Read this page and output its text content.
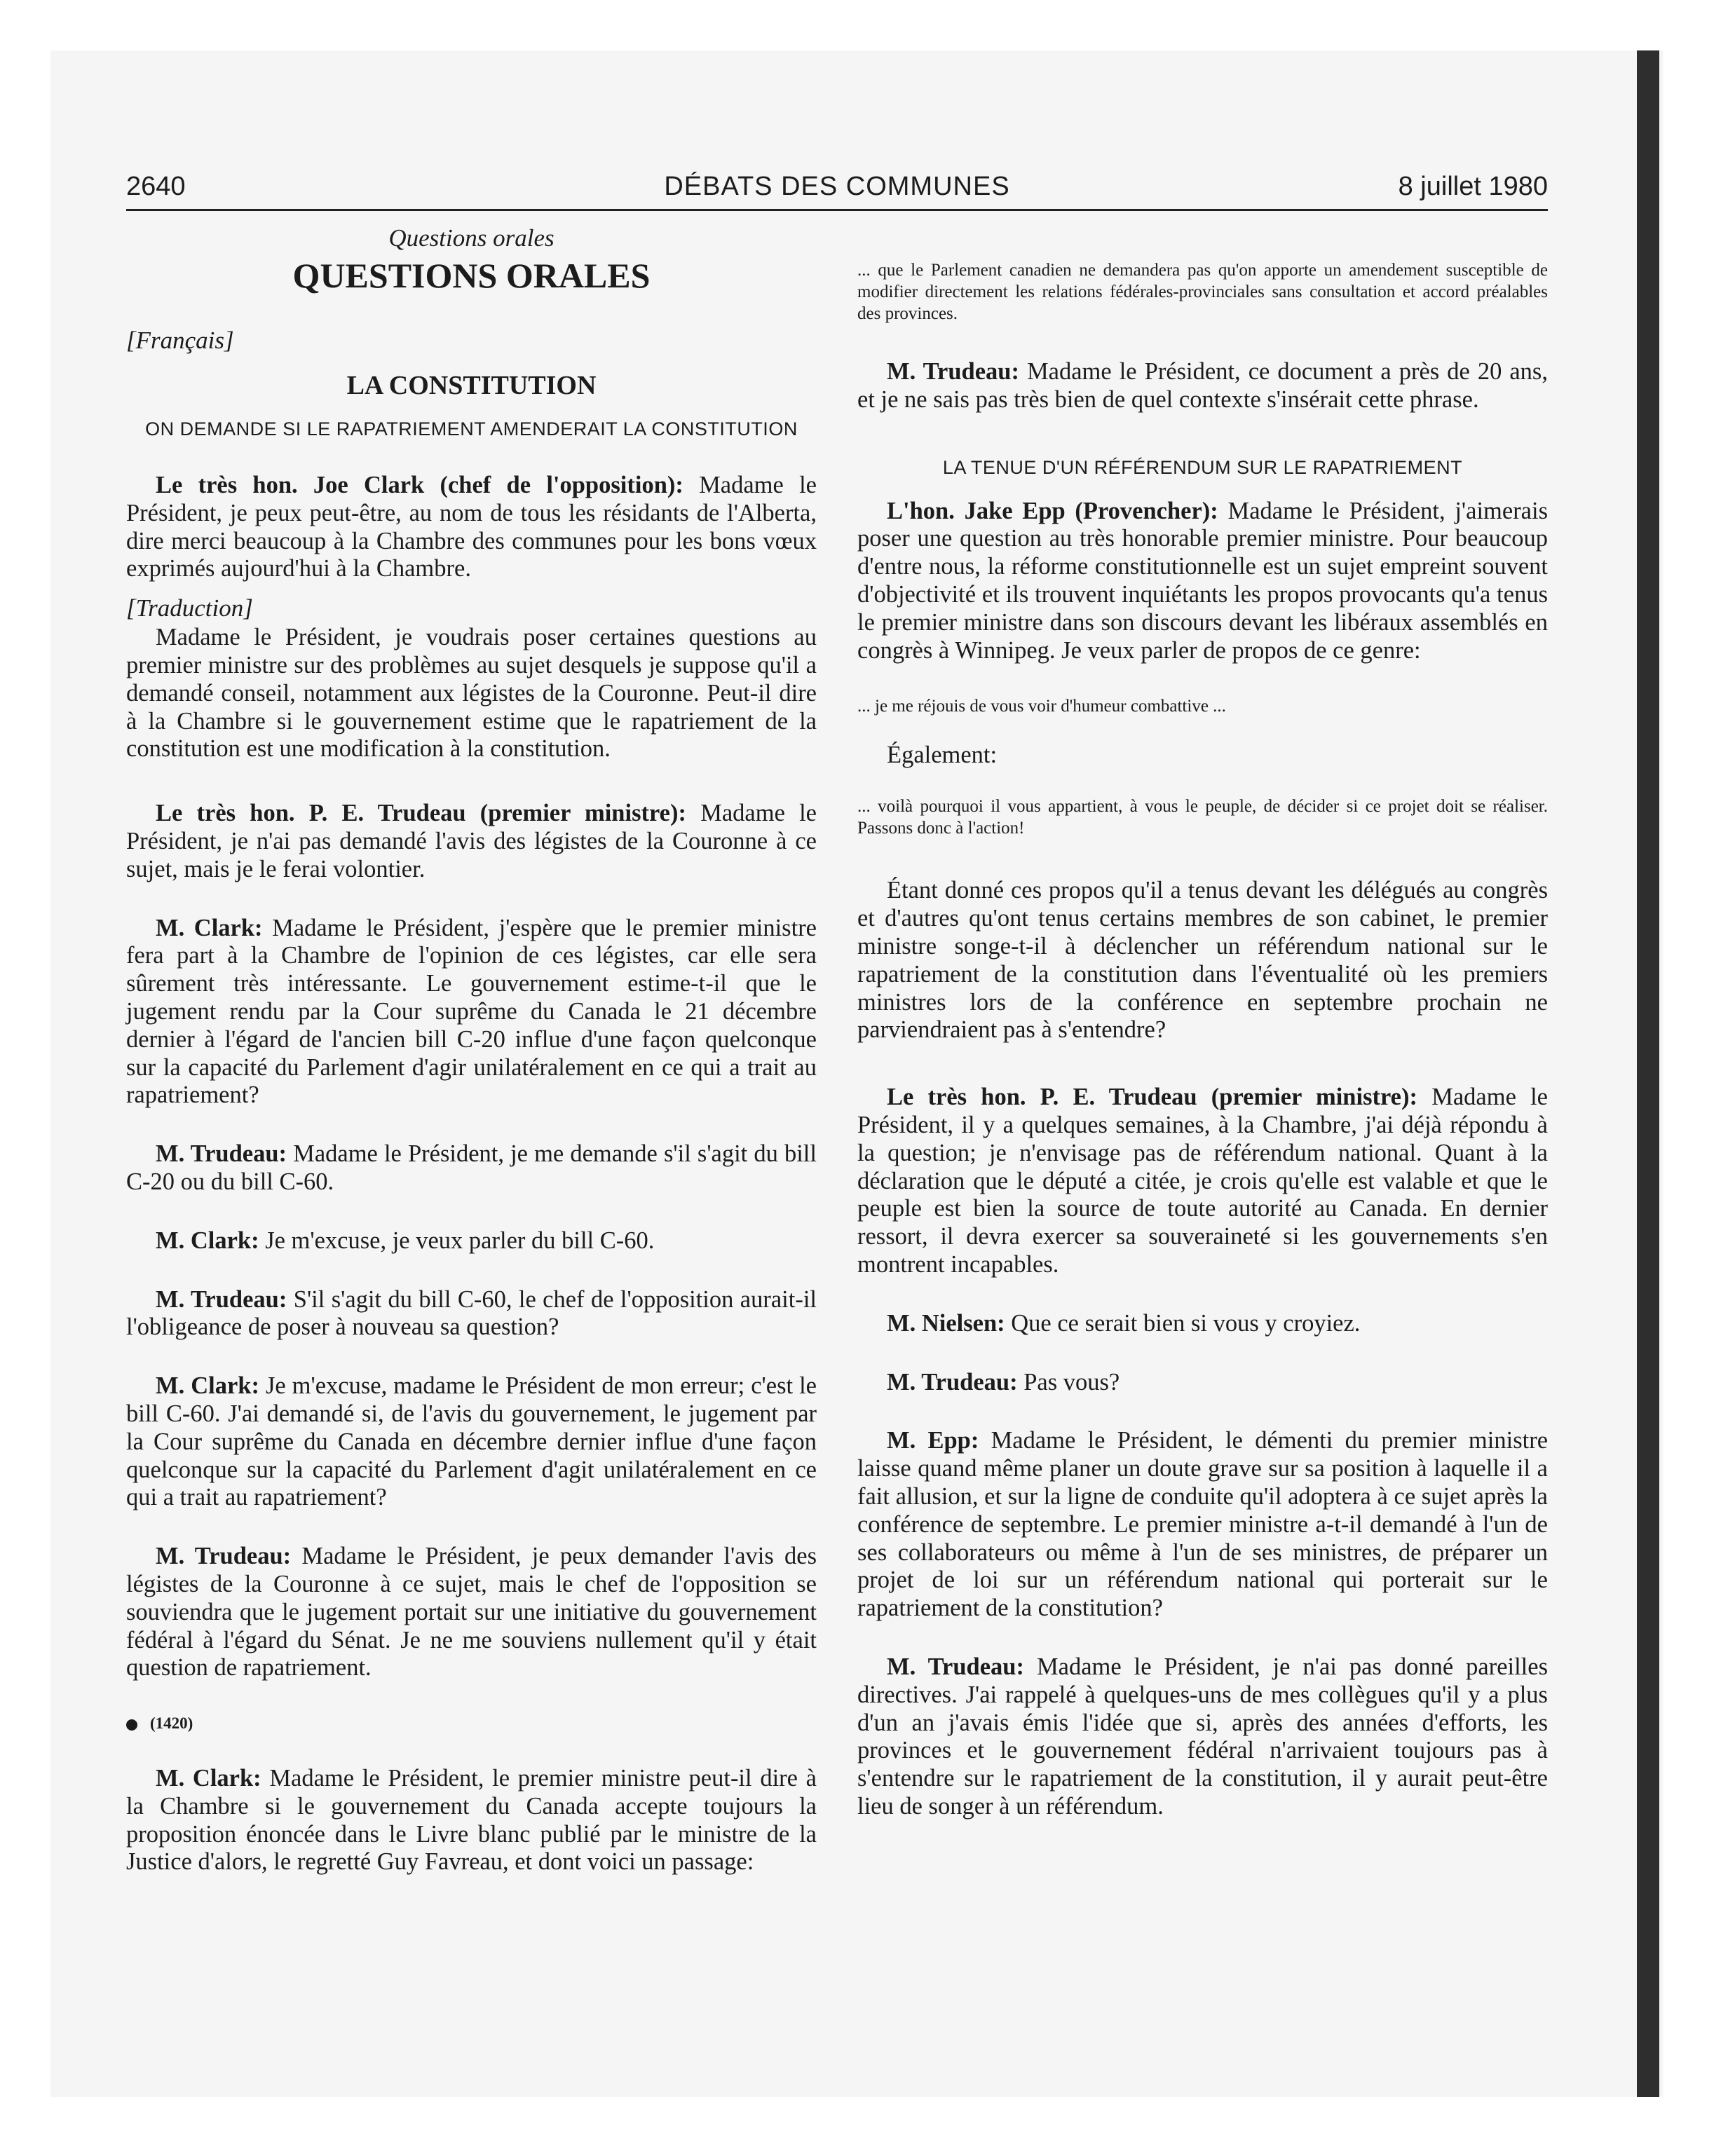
2640	DÉBATS DES COMMUNES	8 juillet 1980

Questions orales

QUESTIONS ORALES

[Français]

LA CONSTITUTION

ON DEMANDE SI LE RAPATRIEMENT AMENDERAIT LA CONSTITUTION

Le très hon. Joe Clark (chef de l'opposition): Madame le Président, je peux peut-être, au nom de tous les résidants de l'Alberta, dire merci beaucoup à la Chambre des communes pour les bons vœux exprimés aujourd'hui à la Chambre.

[Traduction]

Madame le Président, je voudrais poser certaines questions au premier ministre sur des problèmes au sujet desquels je suppose qu'il a demandé conseil, notamment aux légistes de la Couronne. Peut-il dire à la Chambre si le gouvernement estime que le rapatriement de la constitution est une modification à la constitution.

Le très hon. P. E. Trudeau (premier ministre): Madame le Président, je n'ai pas demandé l'avis des légistes de la Couronne à ce sujet, mais je le ferai volontier.

M. Clark: Madame le Président, j'espère que le premier ministre fera part à la Chambre de l'opinion de ces légistes, car elle sera sûrement très intéressante. Le gouvernement estime-t-il que le jugement rendu par la Cour suprême du Canada le 21 décembre dernier à l'égard de l'ancien bill C-20 influe d'une façon quelconque sur la capacité du Parlement d'agir unilatéralement en ce qui a trait au rapatriement?

M. Trudeau: Madame le Président, je me demande s'il s'agit du bill C-20 ou du bill C-60.

M. Clark: Je m'excuse, je veux parler du bill C-60.

M. Trudeau: S'il s'agit du bill C-60, le chef de l'opposition aurait-il l'obligeance de poser à nouveau sa question?

M. Clark: Je m'excuse, madame le Président de mon erreur; c'est le bill C-60. J'ai demandé si, de l'avis du gouvernement, le jugement par la Cour suprême du Canada en décembre dernier influe d'une façon quelconque sur la capacité du Parlement d'agit unilatéralement en ce qui a trait au rapatriement?

M. Trudeau: Madame le Président, je peux demander l'avis des légistes de la Couronne à ce sujet, mais le chef de l'opposition se souviendra que le jugement portait sur une initiative du gouvernement fédéral à l'égard du Sénat. Je ne me souviens nullement qu'il y était question de rapatriement.

(1420)

M. Clark: Madame le Président, le premier ministre peut-il dire à la Chambre si le gouvernement du Canada accepte toujours la proposition énoncée dans le Livre blanc publié par le ministre de la Justice d'alors, le regretté Guy Favreau, et dont voici un passage:

... que le Parlement canadien ne demandera pas qu'on apporte un amendement susceptible de modifier directement les relations fédérales-provinciales sans consultation et accord préalables des provinces.

M. Trudeau: Madame le Président, ce document a près de 20 ans, et je ne sais pas très bien de quel contexte s'insérait cette phrase.

LA TENUE D'UN RÉFÉRENDUM SUR LE RAPATRIEMENT

L'hon. Jake Epp (Provencher): Madame le Président, j'aimerais poser une question au très honorable premier ministre. Pour beaucoup d'entre nous, la réforme constitutionnelle est un sujet empreint souvent d'objectivité et ils trouvent inquiétants les propos provocants qu'a tenus le premier ministre dans son discours devant les libéraux assemblés en congrès à Winnipeg. Je veux parler de propos de ce genre:

... je me réjouis de vous voir d'humeur combattive ...

Également:

... voilà pourquoi il vous appartient, à vous le peuple, de décider si ce projet doit se réaliser. Passons donc à l'action!

Étant donné ces propos qu'il a tenus devant les délégués au congrès et d'autres qu'ont tenus certains membres de son cabinet, le premier ministre songe-t-il à déclencher un référendum national sur le rapatriement de la constitution dans l'éventualité où les premiers ministres lors de la conférence en septembre prochain ne parviendraient pas à s'entendre?

Le très hon. P. E. Trudeau (premier ministre): Madame le Président, il y a quelques semaines, à la Chambre, j'ai déjà répondu à la question; je n'envisage pas de référendum national. Quant à la déclaration que le député a citée, je crois qu'elle est valable et que le peuple est bien la source de toute autorité au Canada. En dernier ressort, il devra exercer sa souveraineté si les gouvernements s'en montrent incapables.

M. Nielsen: Que ce serait bien si vous y croyiez.

M. Trudeau: Pas vous?

M. Epp: Madame le Président, le démenti du premier ministre laisse quand même planer un doute grave sur sa position à laquelle il a fait allusion, et sur la ligne de conduite qu'il adoptera à ce sujet après la conférence de septembre. Le premier ministre a-t-il demandé à l'un de ses collaborateurs ou même à l'un de ses ministres, de préparer un projet de loi sur un référendum national qui porterait sur le rapatriement de la constitution?

M. Trudeau: Madame le Président, je n'ai pas donné pareilles directives. J'ai rappelé à quelques-uns de mes collègues qu'il y a plus d'un an j'avais émis l'idée que si, après des années d'efforts, les provinces et le gouvernement fédéral n'arrivaient toujours pas à s'entendre sur le rapatriement de la constitution, il y aurait peut-être lieu de songer à un référendum.
